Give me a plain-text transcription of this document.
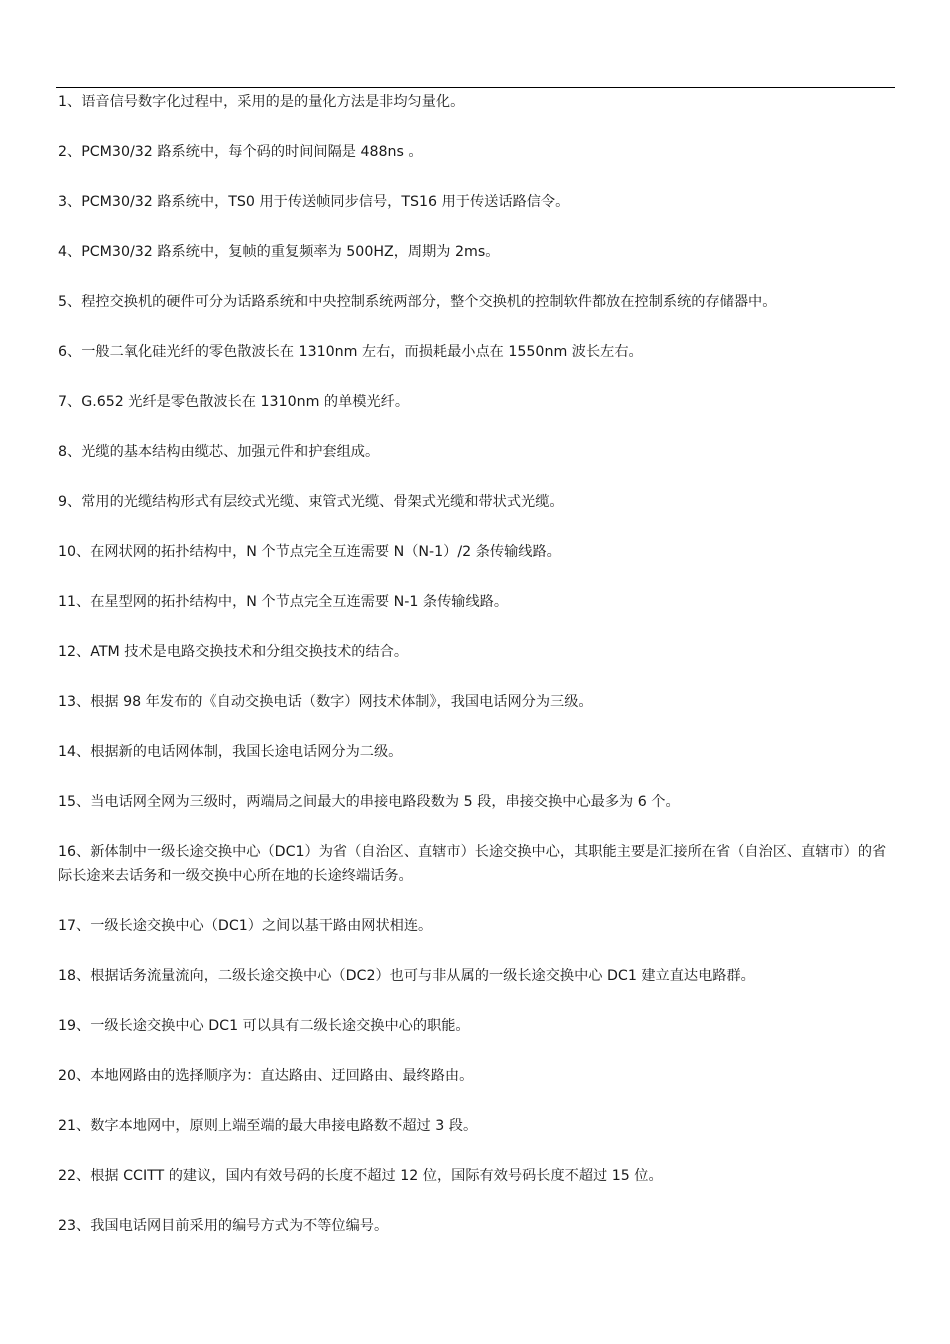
1、语音信号数字化过程中，采用的是的量化方法是非均匀量化。

2、PCM30/32 路系统中，每个码的时间间隔是 488ns 。

3、PCM30/32 路系统中，TS0 用于传送帧同步信号，TS16 用于传送话路信令。

4、PCM30/32 路系统中，复帧的重复频率为 500HZ，周期为 2ms。

5、程控交换机的硬件可分为话路系统和中央控制系统两部分，整个交换机的控制软件都放在控制系统的存储器中。

6、一般二氧化硅光纤的零色散波长在 1310nm 左右，而损耗最小点在 1550nm 波长左右。

7、G.652 光纤是零色散波长在 1310nm 的单模光纤。

8、光缆的基本结构由缆芯、加强元件和护套组成。

9、常用的光缆结构形式有层绞式光缆、束管式光缆、骨架式光缆和带状式光缆。

10、在网状网的拓扑结构中，N 个节点完全互连需要 N（N-1）/2 条传输线路。

11、在星型网的拓扑结构中，N 个节点完全互连需要 N-1 条传输线路。

12、ATM 技术是电路交换技术和分组交换技术的结合。

13、根据 98 年发布的《自动交换电话（数字）网技术体制》，我国电话网分为三级。

14、根据新的电话网体制，我国长途电话网分为二级。

15、当电话网全网为三级时，两端局之间最大的串接电路段数为 5 段，串接交换中心最多为 6 个。

16、新体制中一级长途交换中心（DC1）为省（自治区、直辖市）长途交换中心，其职能主要是汇接所在省（自治区、直辖市）的省际长途来去话务和一级交换中心所在地的长途终端话务。

17、一级长途交换中心（DC1）之间以基干路由网状相连。

18、根据话务流量流向，二级长途交换中心（DC2）也可与非从属的一级长途交换中心 DC1 建立直达电路群。

19、一级长途交换中心 DC1 可以具有二级长途交换中心的职能。

20、本地网路由的选择顺序为：直达路由、迂回路由、最终路由。

21、数字本地网中，原则上端至端的最大串接电路数不超过 3 段。

22、根据 CCITT 的建议，国内有效号码的长度不超过 12 位，国际有效号码长度不超过 15 位。

23、我国电话网目前采用的编号方式为不等位编号。
